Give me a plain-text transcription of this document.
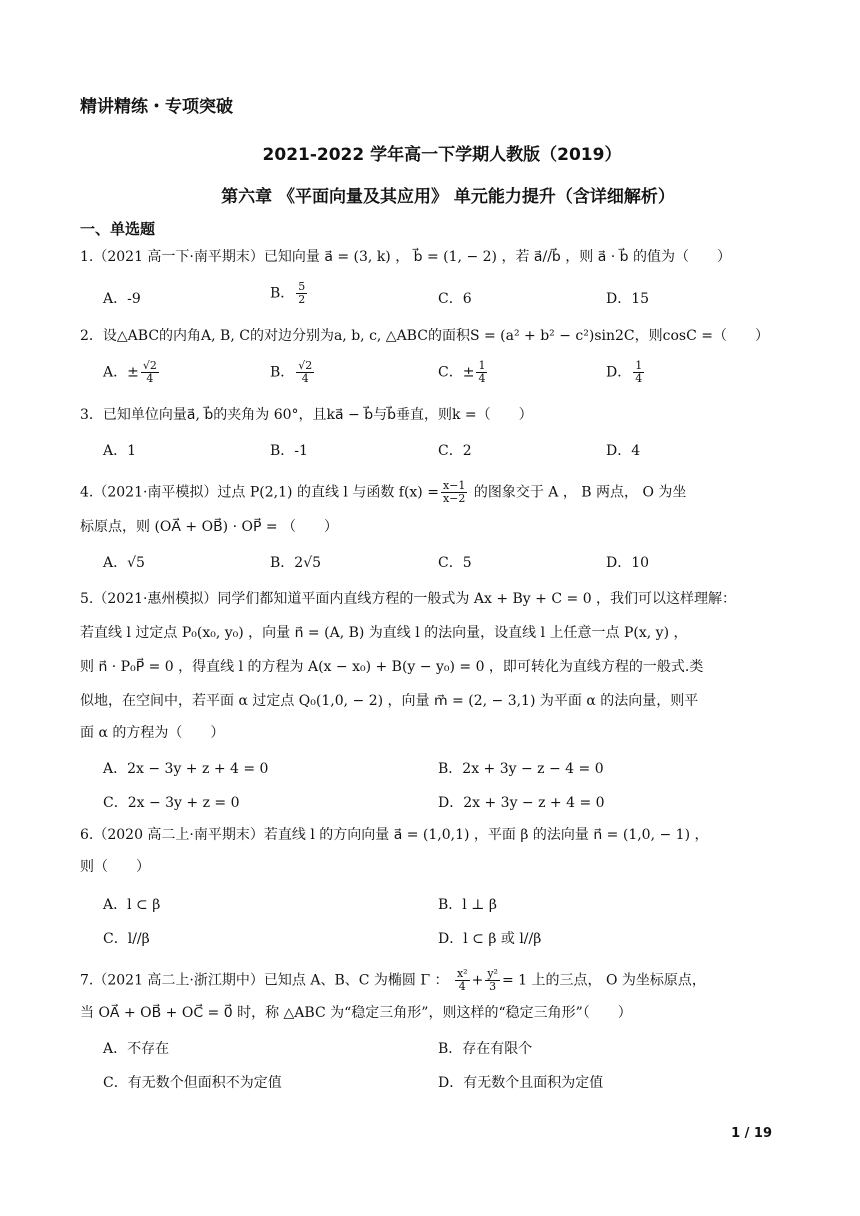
精讲精练・专项突破
2021-2022 学年高一下学期人教版（2019）
第六章 《平面向量及其应用》 单元能力提升（含详细解析）
一、单选题
1.（2021 高一下·南平期末）已知向量 a⃗ = (3, k) ， b⃗ = (1, − 2) ，若 a⃗//b⃗ ，则 a⃗ · b⃗ 的值为（　　）
A．-9	B． $\frac{5}{2}$	C．6	D．15
2．设△ABC的内角A, B, C的对边分别为a, b, c, △ABC的面积S = (a² + b² − c²)sin2C，则cosC =（　　）
A．± $\frac{√2}{4}$	B． $\frac{√2}{4}$	C．± $\frac{1}{4}$	D． $\frac{1}{4}$
3．已知单位向量a⃗, b⃗的夹角为 60°，且ka⃗ − b⃗与b⃗垂直，则k =（　　）
A．1	B．-1	C．2	D．4
4.（2021·南平模拟）过点 P(2,1) 的直线 l 与函数 $f(x) = \frac{x-1}{x-2}$ 的图象交于 A ， B 两点， O 为坐
标原点，则 (OA⃗ + OB⃗) · OP⃗ = （　　）
A．√5	B．2√5	C．5	D．10
5.（2021·惠州模拟）同学们都知道平面内直线方程的一般式为 Ax + By + C = 0 ，我们可以这样理解：
若直线 l 过定点 P₀(x₀, y₀) ，向量 n⃗ = (A, B) 为直线 l 的法向量，设直线 l 上任意一点 P(x, y) ，
则 n⃗ · P₀P⃗ = 0 ，得直线 l 的方程为 A(x − x₀) + B(y − y₀) = 0 ，即可转化为直线方程的一般式.类
似地，在空间中，若平面 α 过定点 Q₀(1,0, − 2) ，向量 m⃗ = (2, − 3,1) 为平面 α 的法向量，则平
面 α 的方程为（　　）
A．2x − 3y + z + 4 = 0	B．2x + 3y − z − 4 = 0
C．2x − 3y + z = 0	D．2x + 3y − z + 4 = 0
6.（2020 高二上·南平期末）若直线 l 的方向向量 a⃗ = (1,0,1) ，平面 β 的法向量 n⃗ = (1,0, − 1) ，
则（　　）
A．l ⊂ β	B．l ⊥ β
C．l//β	D．l ⊂ β 或 l//β
7.（2021 高二上·浙江期中）已知点 A、B、C 为椭圆 Γ ： $\frac{\text{x²}}{4} + \frac{\text{y²}}{3} = 1$ 上的三点， O 为坐标原点，
当 OA⃗ + OB⃗ + OC⃗ = 0⃗ 时，称 △ABC 为“稳定三角形”，则这样的“稳定三角形”（　　）
A．不存在	B．存在有限个
C．有无数个但面积不为定值	D．有无数个且面积为定值
1 / 19
